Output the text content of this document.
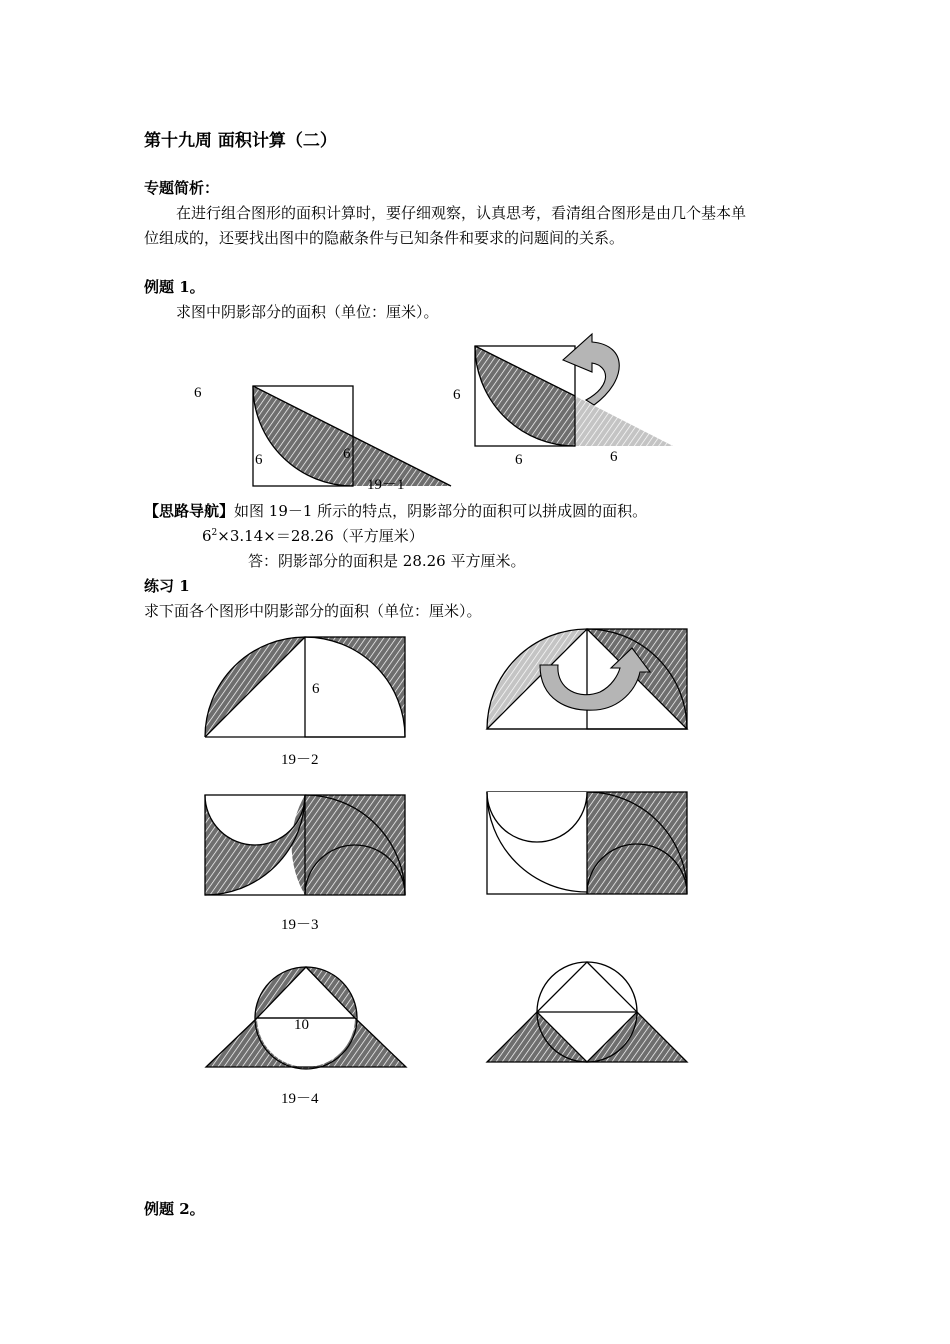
第十九周 面积计算（二）
专题简析：
在进行组合图形的面积计算时，要仔细观察，认真思考，看清组合图形是由几个基本单
位组成的，还要找出图中的隐蔽条件与已知条件和要求的问题间的关系。
例题 1。
求图中阴影部分的面积（单位：厘米）。
6
6	6
19－1
6
6	6
【思路导航】如图 19－1 所示的特点，阴影部分的面积可以拼成圆的面积。
$6^2\times 3.14\times=28.26$（平方厘米）
答：阴影部分的面积是 28.26 平方厘米。
练习 1
求下面各个图形中阴影部分的面积（单位：厘米）。
6
19－2
19－3
10
19－4
例题 2。
